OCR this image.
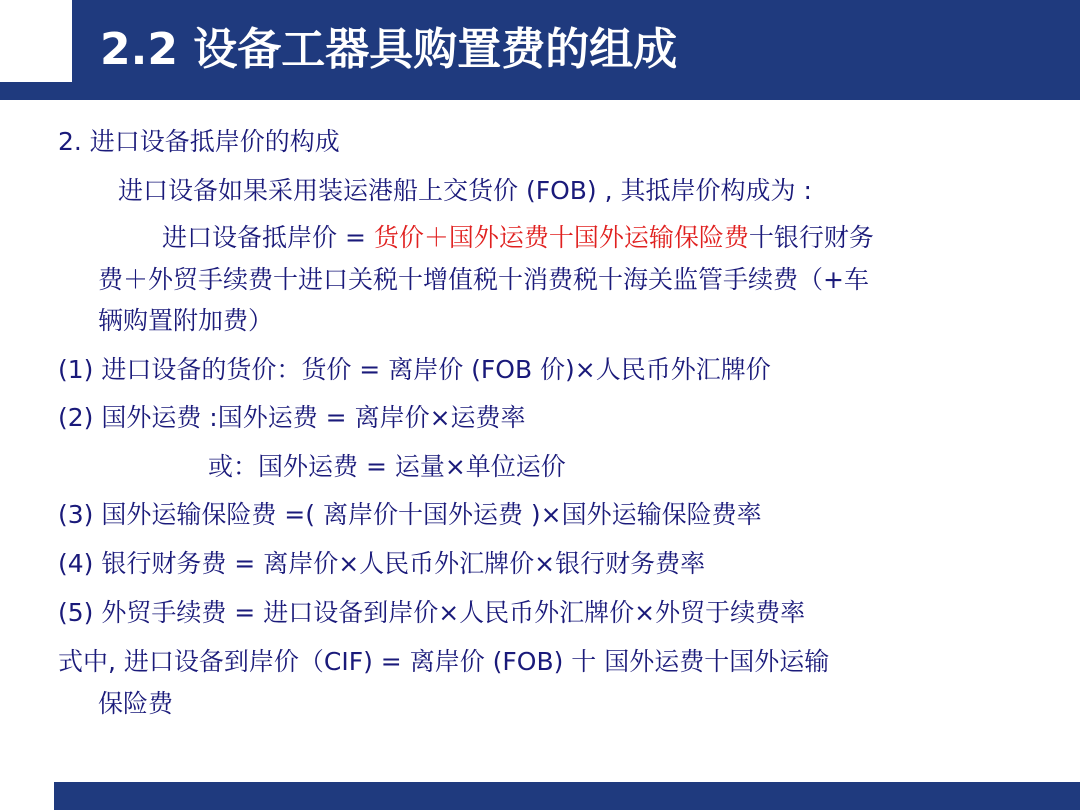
2.2 设备工器具购置费的组成
2. 进口设备抵岸价的构成
进口设备如果采用装运港船上交货价 (FOB) , 其抵岸价构成为 :
进口设备抵岸价 = 货价＋国外运费十国外运输保险费十银行财务
费＋外贸手续费十进口关税十增值税十消费税十海关监管手续费（+车
辆购置附加费）
(1) 进口设备的货价：货价 = 离岸价 (FOB 价)×人民币外汇牌价
(2) 国外运费 :国外运费 = 离岸价×运费率
或：国外运费 = 运量×单位运价
(3) 国外运输保险费 =( 离岸价十国外运费 )×国外运输保险费率
(4) 银行财务费 = 离岸价×人民币外汇牌价×银行财务费率
(5) 外贸手续费 = 进口设备到岸价×人民币外汇牌价×外贸于续费率
式中, 进口设备到岸价（CIF) = 离岸价 (FOB) 十 国外运费十国外运输
保险费
